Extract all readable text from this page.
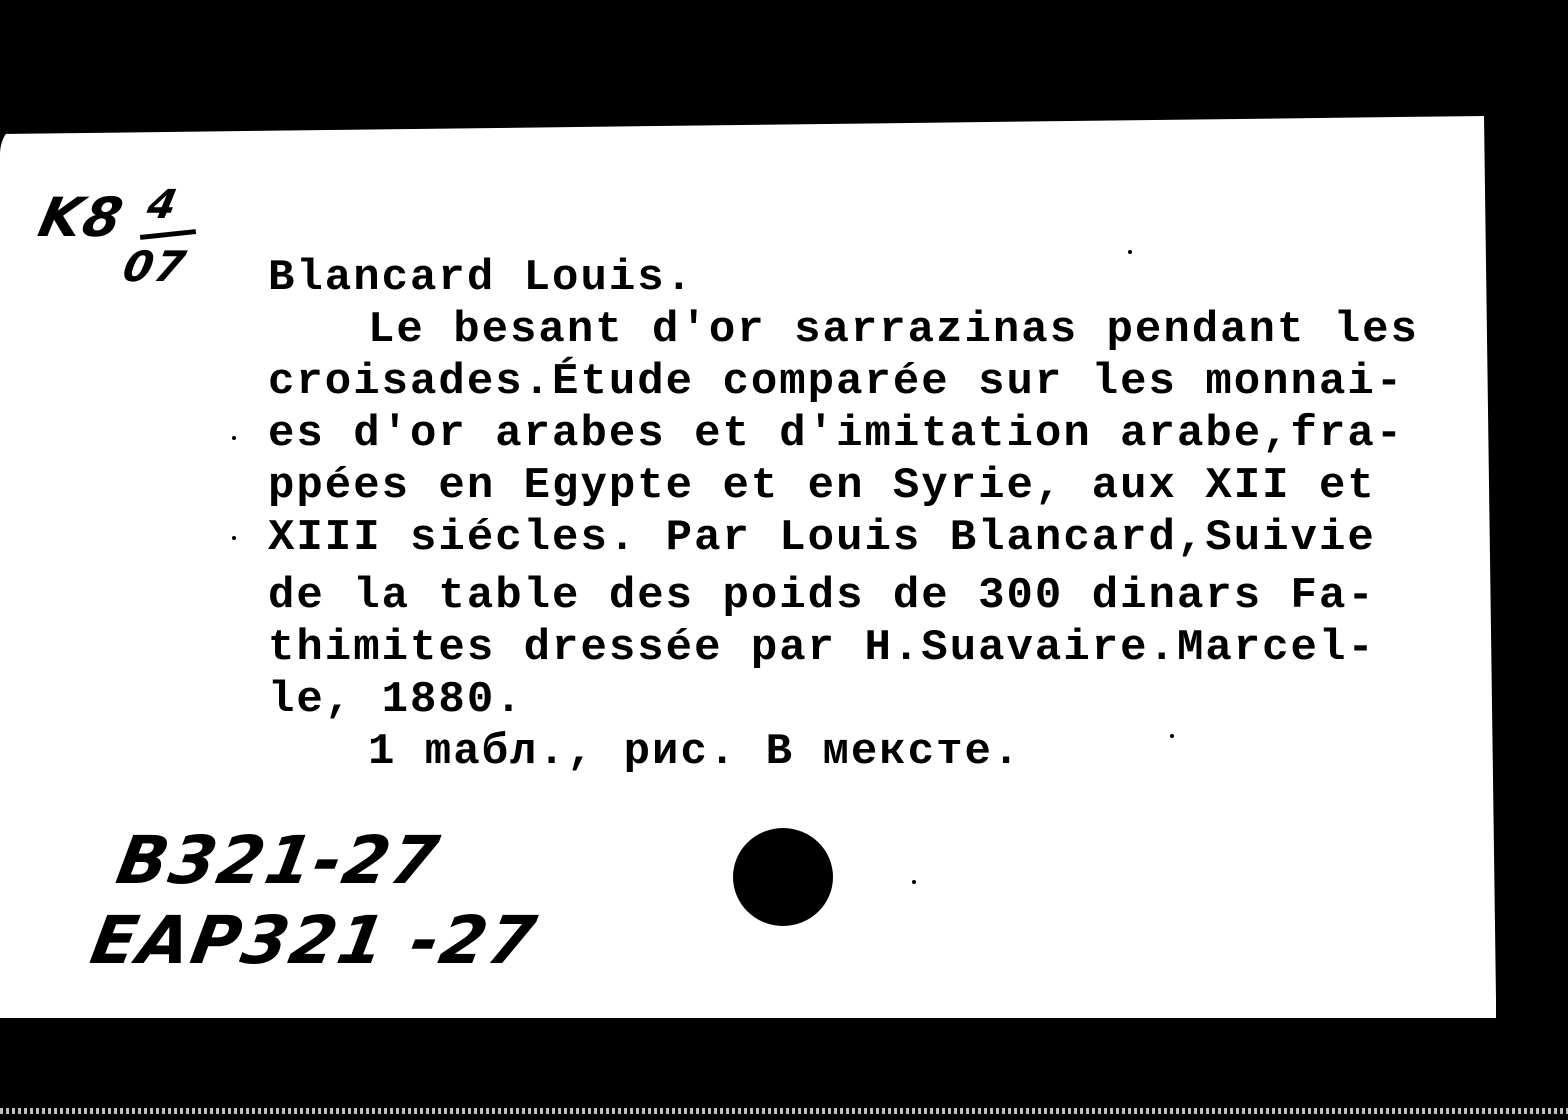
K8 4
07 Blancard Louis.
Le besant d'or sarrazinas pendant les
croisades.Étude comparée sur les monnai-
es d'or arabes et d'imitation arabe,fra-
ppées en Egypte et en Syrie, aux XII et
XIII siécles. Par Louis Blancard,Suivie
de la table des poids de 300 dinars Fa-
thimites dressée par H.Suavaire.Marcel-
le, 1880.
1 maбл., рис. В мекстe.
B321-27
EAP321 -27
